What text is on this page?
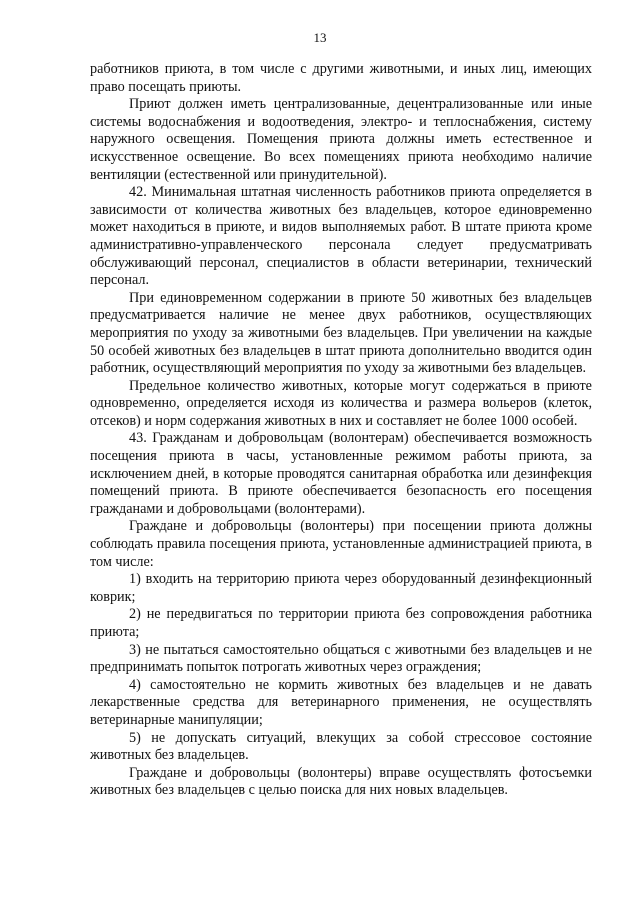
13

работников приюта, в том числе с другими животными, и иных лиц, имеющих право посещать приюты.

Приют должен иметь централизованные, децентрализованные или иные системы водоснабжения и водоотведения, электро- и теплоснабжения, систему наружного освещения. Помещения приюта должны иметь естественное и искусственное освещение. Во всех помещениях приюта необходимо наличие вентиляции (естественной или принудительной).

42. Минимальная штатная численность работников приюта определяется в зависимости от количества животных без владельцев, которое единовременно может находиться в приюте, и видов выполняемых работ. В штате приюта кроме административно-управленческого персонала следует предусматривать обслуживающий персонал, специалистов в области ветеринарии, технический персонал.

При единовременном содержании в приюте 50 животных без владельцев предусматривается наличие не менее двух работников, осуществляющих мероприятия по уходу за животными без владельцев. При увеличении на каждые 50 особей животных без владельцев в штат приюта дополнительно вводится один работник, осуществляющий мероприятия по уходу за животными без владельцев.

Предельное количество животных, которые могут содержаться в приюте одновременно, определяется исходя из количества и размера вольеров (клеток, отсеков) и норм содержания животных в них и составляет не более 1000 особей.

43. Гражданам и добровольцам (волонтерам) обеспечивается возможность посещения приюта в часы, установленные режимом работы приюта, за исключением дней, в которые проводятся санитарная обработка или дезинфекция помещений приюта. В приюте обеспечивается безопасность его посещения гражданами и добровольцами (волонтерами).

Граждане и добровольцы (волонтеры) при посещении приюта должны соблюдать правила посещения приюта, установленные администрацией приюта, в том числе:

1) входить на территорию приюта через оборудованный дезинфекционный коврик;

2) не передвигаться по территории приюта без сопровождения работника приюта;

3) не пытаться самостоятельно общаться с животными без владельцев и не предпринимать попыток потрогать животных через ограждения;

4) самостоятельно не кормить животных без владельцев и не давать лекарственные средства для ветеринарного применения, не осуществлять ветеринарные манипуляции;

5) не допускать ситуаций, влекущих за собой стрессовое состояние животных без владельцев.

Граждане и добровольцы (волонтеры) вправе осуществлять фотосъемки животных без владельцев с целью поиска для них новых владельцев.
